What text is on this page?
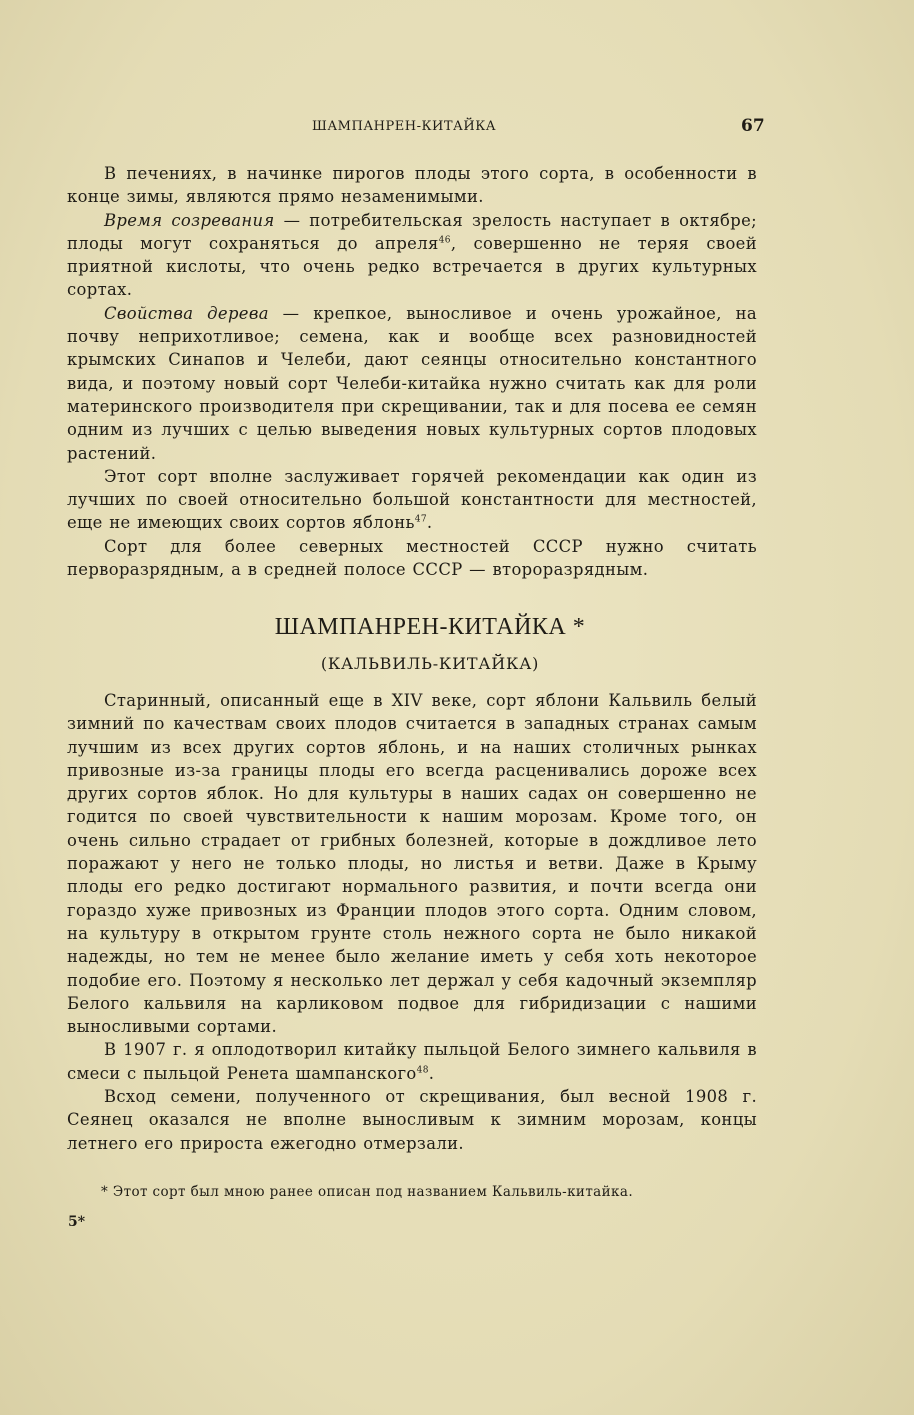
ШАМПАНРЕН-КИТАЙКА	67

В печениях, в начинке пирогов плоды этого сорта, в особенности в конце зимы, являются прямо незаменимыми.

Время созревания — потребительская зрелость наступает в октябре; плоды могут сохраняться до апреля$^{46}$, совершенно не теряя своей приятной кислоты, что очень редко встречается в других культурных сортах.

Свойства дерева — крепкое, выносливое и очень урожайное, на почву неприхотливое; семена, как и вообще всех разновидностей крымских Синапов и Челеби, дают сеянцы относительно константного вида, и поэтому новый сорт Челеби-китайка нужно считать как для роли материнского производителя при скрещивании, так и для посева ее семян одним из лучших с целью выведения новых культурных сортов плодовых растений.

Этот сорт вполне заслуживает горячей рекомендации как один из лучших по своей относительно большой константности для местностей, еще не имеющих своих сортов яблонь$^{47}$.

Сорт для более северных местностей СССР нужно считать перворазрядным, а в средней полосе СССР — второразрядным.

ШАМПАНРЕН-КИТАЙКА *
(КАЛЬВИЛЬ-КИТАЙКА)

Старинный, описанный еще в XIV веке, сорт яблони Кальвиль белый зимний по качествам своих плодов считается в западных странах самым лучшим из всех других сортов яблонь, и на наших столичных рынках привозные из-за границы плоды его всегда расценивались дороже всех других сортов яблок. Но для культуры в наших садах он совершенно не годится по своей чувствительности к нашим морозам. Кроме того, он очень сильно страдает от грибных болезней, которые в дождливое лето поражают у него не только плоды, но листья и ветви. Даже в Крыму плоды его редко достигают нормального развития, и почти всегда они гораздо хуже привозных из Франции плодов этого сорта. Одним словом, на культуру в открытом грунте столь нежного сорта не было никакой надежды, но тем не менее было желание иметь у себя хоть некоторое подобие его. Поэтому я несколько лет держал у себя кадочный экземпляр Белого кальвиля на карликовом подвое для гибридизации с нашими выносливыми сортами.

В 1907 г. я оплодотворил китайку пыльцой Белого зимнего кальвиля в смеси с пыльцой Ренета шампанского$^{48}$.

Всход семени, полученного от скрещивания, был весной 1908 г. Сеянец оказался не вполне выносливым к зимним морозам, концы летнего его прироста ежегодно отмерзали.

* Этот сорт был мною ранее описан под названием Кальвиль-китайка.
5*
